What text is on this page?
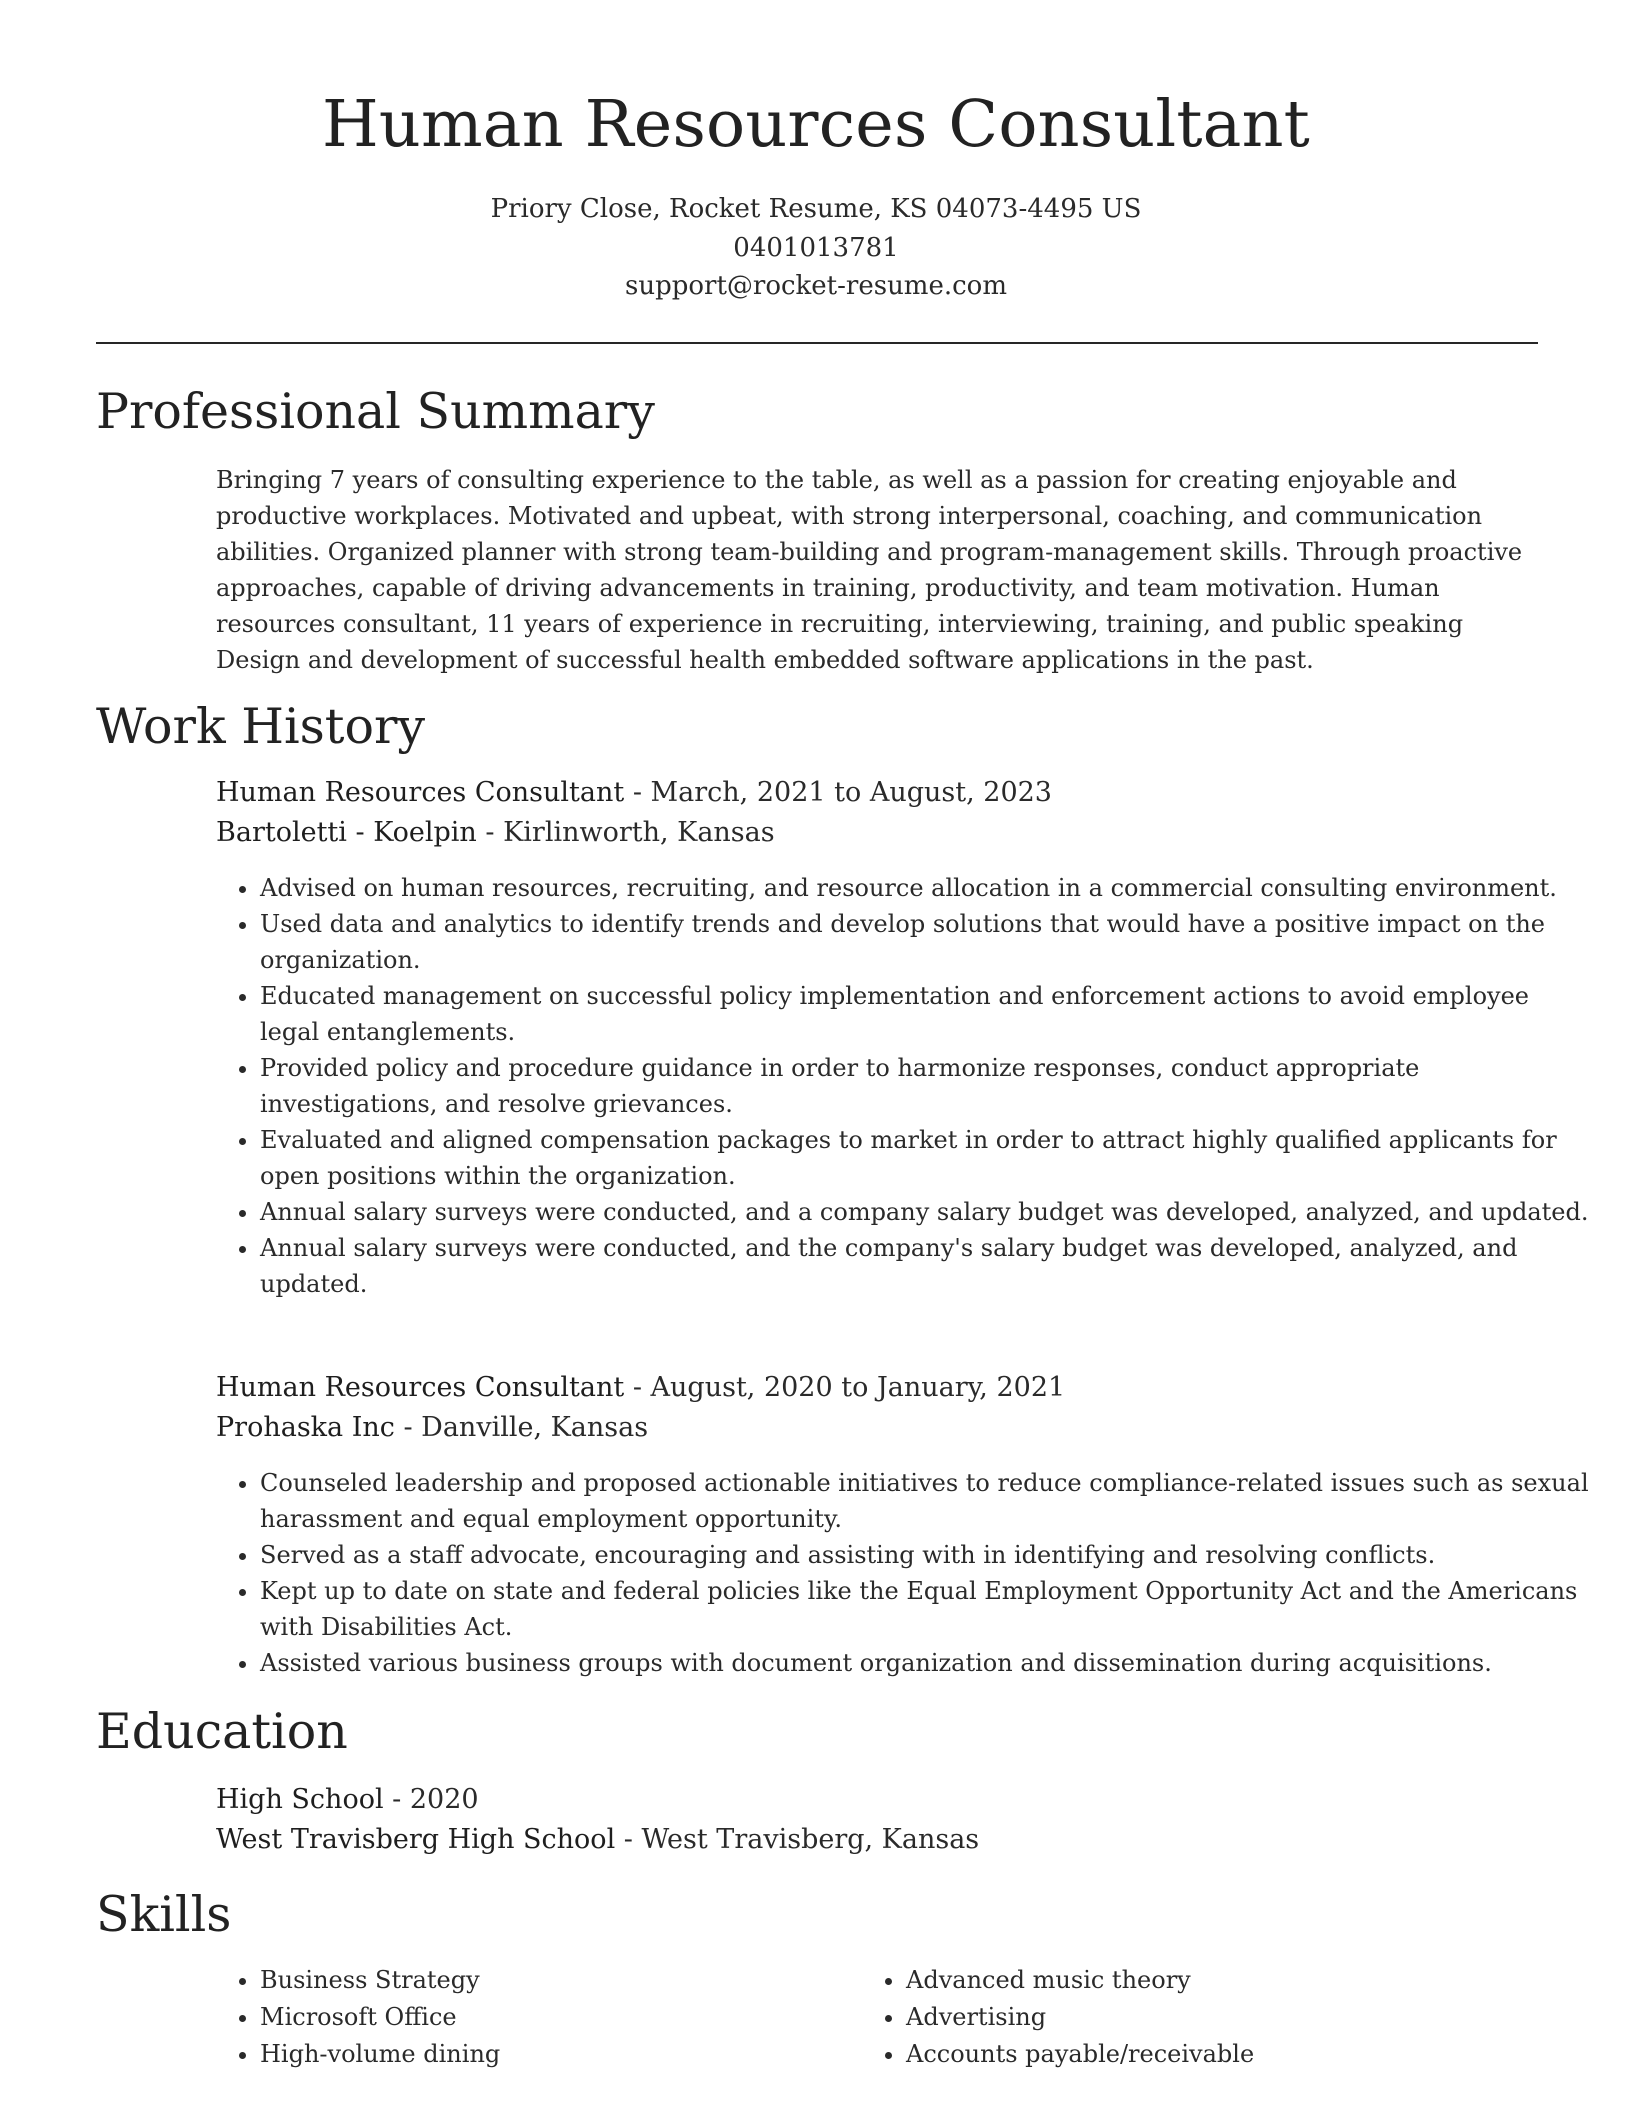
Human Resources Consultant
Priory Close, Rocket Resume, KS 04073-4495 US
0401013781
support@rocket-resume.com
Professional Summary
Bringing 7 years of consulting experience to the table, as well as a passion for creating enjoyable and productive workplaces. Motivated and upbeat, with strong interpersonal, coaching, and communication abilities. Organized planner with strong team-building and program-management skills. Through proactive approaches, capable of driving advancements in training, productivity, and team motivation. Human resources consultant, 11 years of experience in recruiting, interviewing, training, and public speaking Design and development of successful health embedded software applications in the past.
Work History
Human Resources Consultant - March, 2021 to August, 2023
Bartoletti - Koelpin - Kirlinworth, Kansas
• Advised on human resources, recruiting, and resource allocation in a commercial consulting environment.
• Used data and analytics to identify trends and develop solutions that would have a positive impact on the organization.
• Educated management on successful policy implementation and enforcement actions to avoid employee legal entanglements.
• Provided policy and procedure guidance in order to harmonize responses, conduct appropriate investigations, and resolve grievances.
• Evaluated and aligned compensation packages to market in order to attract highly qualified applicants for open positions within the organization.
• Annual salary surveys were conducted, and a company salary budget was developed, analyzed, and updated.
• Annual salary surveys were conducted, and the company's salary budget was developed, analyzed, and updated.
Human Resources Consultant - August, 2020 to January, 2021
Prohaska Inc - Danville, Kansas
• Counseled leadership and proposed actionable initiatives to reduce compliance-related issues such as sexual harassment and equal employment opportunity.
• Served as a staff advocate, encouraging and assisting with in identifying and resolving conflicts.
• Kept up to date on state and federal policies like the Equal Employment Opportunity Act and the Americans with Disabilities Act.
• Assisted various business groups with document organization and dissemination during acquisitions.
Education
High School - 2020
West Travisberg High School - West Travisberg, Kansas
Skills
• Business Strategy
• Microsoft Office
• High-volume dining
• Advanced music theory
• Advertising
• Accounts payable/receivable
